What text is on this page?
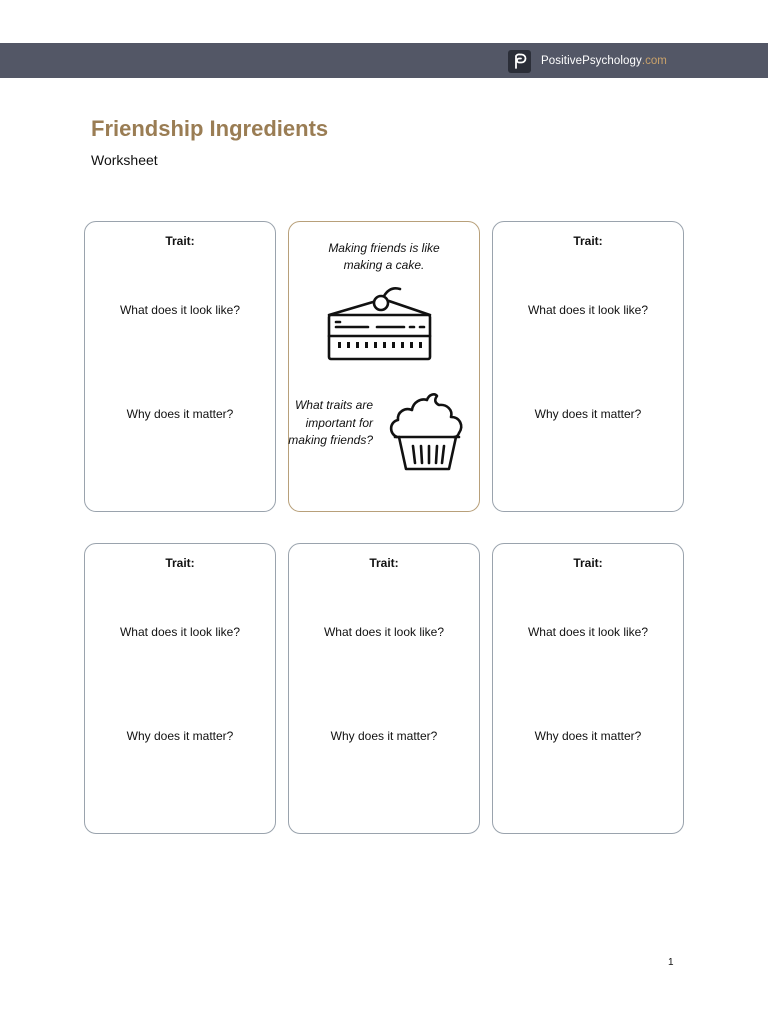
PositivePsychology .com
Friendship Ingredients
Worksheet
Trait:
What does it look like?
Why does it matter?
Making friends is like making a cake.
What traits are important for making friends?
Trait:
What does it look like?
Why does it matter?
Trait:
What does it look like?
Why does it matter?
Trait:
What does it look like?
Why does it matter?
Trait:
What does it look like?
Why does it matter?
1
